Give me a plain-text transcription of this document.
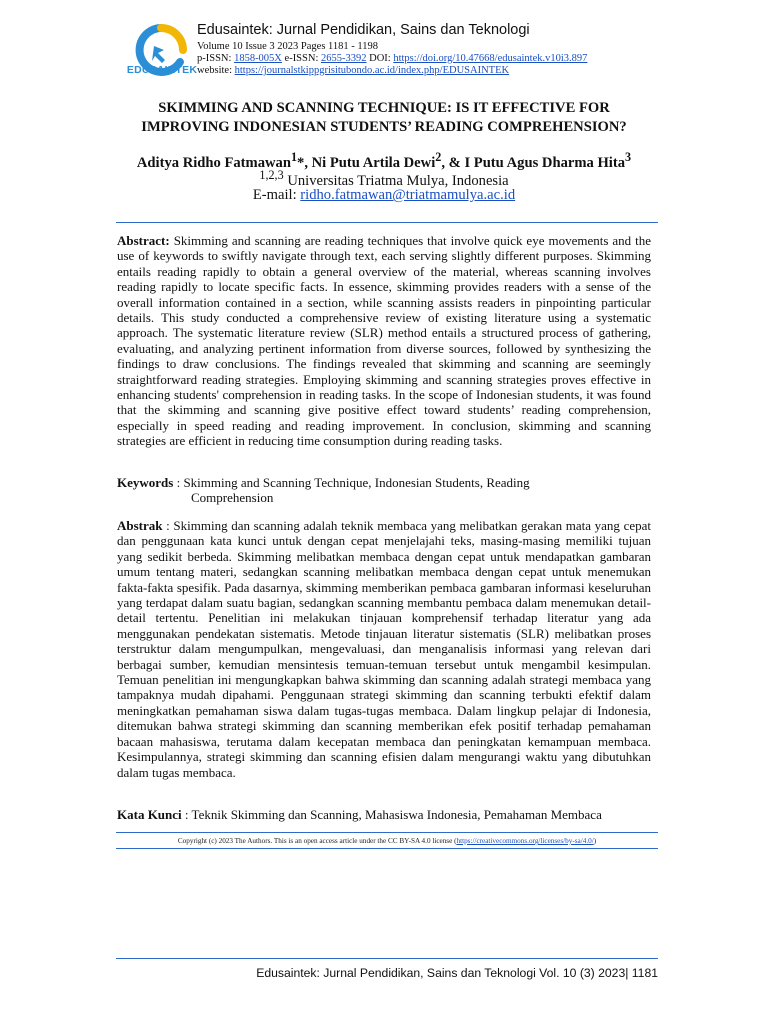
EDUSAINTEK
Edusaintek: Jurnal Pendidikan, Sains dan Teknologi
Volume 10 Issue 3 2023 Pages 1181 - 1198
p-ISSN: 1858-005X e-ISSN: 2655-3392 DOI: https://doi.org/10.47668/edusaintek.v10i3.897
website: https://journalstkippgrisitubondo.ac.id/index.php/EDUSAINTEK
SKIMMING AND SCANNING TECHNIQUE: IS IT EFFECTIVE FOR
IMPROVING INDONESIAN STUDENTS’ READING COMPREHENSION?
Aditya Ridho Fatmawan$^1$*, Ni Putu Artila Dewi$^2$, & I Putu Agus Dharma Hita$^3$
$^{1,2,3}$ Universitas Triatma Mulya, Indonesia
E-mail: ridho.fatmawan@triatmamulya.ac.id
Abstract: Skimming and scanning are reading techniques that involve quick eye movements and the use of keywords to swiftly navigate through text, each serving slightly different purposes. Skimming entails reading rapidly to obtain a general overview of the material, whereas scanning involves reading rapidly to locate specific facts. In essence, skimming provides readers with a sense of the overall information contained in a section, while scanning assists readers in pinpointing particular details. This study conducted a comprehensive review of existing literature using a systematic approach. The systematic literature review (SLR) method entails a structured process of gathering, evaluating, and analyzing pertinent information from diverse sources, followed by synthesizing the findings to draw conclusions. The findings revealed that skimming and scanning are seemingly straightforward reading strategies. Employing skimming and scanning strategies proves effective in enhancing students' comprehension in reading tasks. In the scope of Indonesian students, it was found that the skimming and scanning give positive effect toward students’ reading comprehension, especially in speed reading and reading improvement. In conclusion, skimming and scanning strategies are efficient in reducing time consumption during reading tasks.
Keywords : Skimming and Scanning Technique, Indonesian Students, Reading
Comprehension
Abstrak : Skimming dan scanning adalah teknik membaca yang melibatkan gerakan mata yang cepat dan penggunaan kata kunci untuk dengan cepat menjelajahi teks, masing-masing memiliki tujuan yang sedikit berbeda. Skimming melibatkan membaca dengan cepat untuk mendapatkan gambaran umum tentang materi, sedangkan scanning melibatkan membaca dengan cepat untuk menemukan fakta-fakta spesifik. Pada dasarnya, skimming memberikan pembaca gambaran informasi keseluruhan yang terdapat dalam suatu bagian, sedangkan scanning membantu pembaca dalam menemukan detail-detail tertentu. Penelitian ini melakukan tinjauan komprehensif terhadap literatur yang ada menggunakan pendekatan sistematis. Metode tinjauan literatur sistematis (SLR) melibatkan proses terstruktur dalam mengumpulkan, mengevaluasi, dan menganalisis informasi yang relevan dari berbagai sumber, kemudian mensintesis temuan-temuan tersebut untuk mengambil kesimpulan. Temuan penelitian ini mengungkapkan bahwa skimming dan scanning adalah strategi membaca yang tampaknya mudah dipahami. Penggunaan strategi skimming dan scanning terbukti efektif dalam meningkatkan pemahaman siswa dalam tugas-tugas membaca. Dalam lingkup pelajar di Indonesia, ditemukan bahwa strategi skimming dan scanning memberikan efek positif terhadap pemahaman bacaan mahasiswa, terutama dalam kecepatan membaca dan peningkatan kemampuan membaca. Kesimpulannya, strategi skimming dan scanning efisien dalam mengurangi waktu yang dibutuhkan dalam tugas membaca.
Kata Kunci : Teknik Skimming dan Scanning, Mahasiswa Indonesia, Pemahaman Membaca
Copyright (c) 2023 The Authors. This is an open access article under the CC BY-SA 4.0 license (https://creativecommons.org/licenses/by-sa/4.0/)
Edusaintek: Jurnal Pendidikan, Sains dan Teknologi Vol. 10 (3) 2023| 1181
